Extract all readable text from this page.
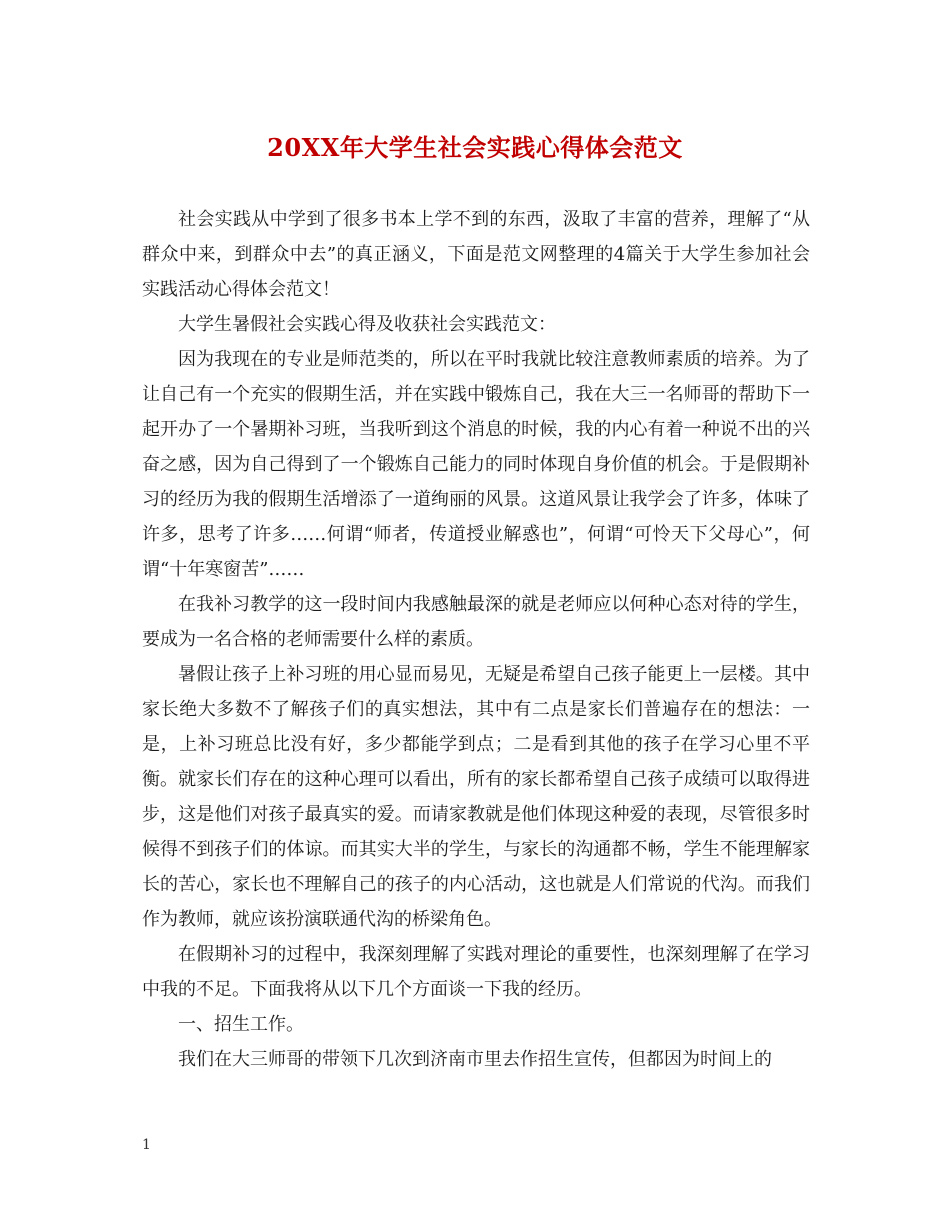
20XX年大学生社会实践心得体会范文

社会实践从中学到了很多书本上学不到的东西，汲取了丰富的营养，理解了“从群众中来，到群众中去”的真正涵义，下面是范文网整理的4篇关于大学生参加社会实践活动心得体会范文！

大学生暑假社会实践心得及收获社会实践范文：

因为我现在的专业是师范类的，所以在平时我就比较注意教师素质的培养。为了让自己有一个充实的假期生活，并在实践中锻炼自己，我在大三一名师哥的帮助下一起开办了一个暑期补习班，当我听到这个消息的时候，我的内心有着一种说不出的兴奋之感，因为自己得到了一个锻炼自己能力的同时体现自身价值的机会。于是假期补习的经历为我的假期生活增添了一道绚丽的风景。这道风景让我学会了许多，体味了许多，思考了许多……何谓“师者，传道授业解惑也”，何谓“可怜天下父母心”，何谓“十年寒窗苦”……

在我补习教学的这一段时间内我感触最深的就是老师应以何种心态对待的学生，要成为一名合格的老师需要什么样的素质。

暑假让孩子上补习班的用心显而易见，无疑是希望自己孩子能更上一层楼。其中家长绝大多数不了解孩子们的真实想法，其中有二点是家长们普遍存在的想法：一是，上补习班总比没有好，多少都能学到点；二是看到其他的孩子在学习心里不平衡。就家长们存在的这种心理可以看出，所有的家长都希望自己孩子成绩可以取得进步，这是他们对孩子最真实的爱。而请家教就是他们体现这种爱的表现，尽管很多时候得不到孩子们的体谅。而其实大半的学生，与家长的沟通都不畅，学生不能理解家长的苦心，家长也不理解自己的孩子的内心活动，这也就是人们常说的代沟。而我们作为教师，就应该扮演联通代沟的桥梁角色。

在假期补习的过程中，我深刻理解了实践对理论的重要性，也深刻理解了在学习中我的不足。下面我将从以下几个方面谈一下我的经历。

一、招生工作。

我们在大三师哥的带领下几次到济南市里去作招生宣传，但都因为时间上的

1
